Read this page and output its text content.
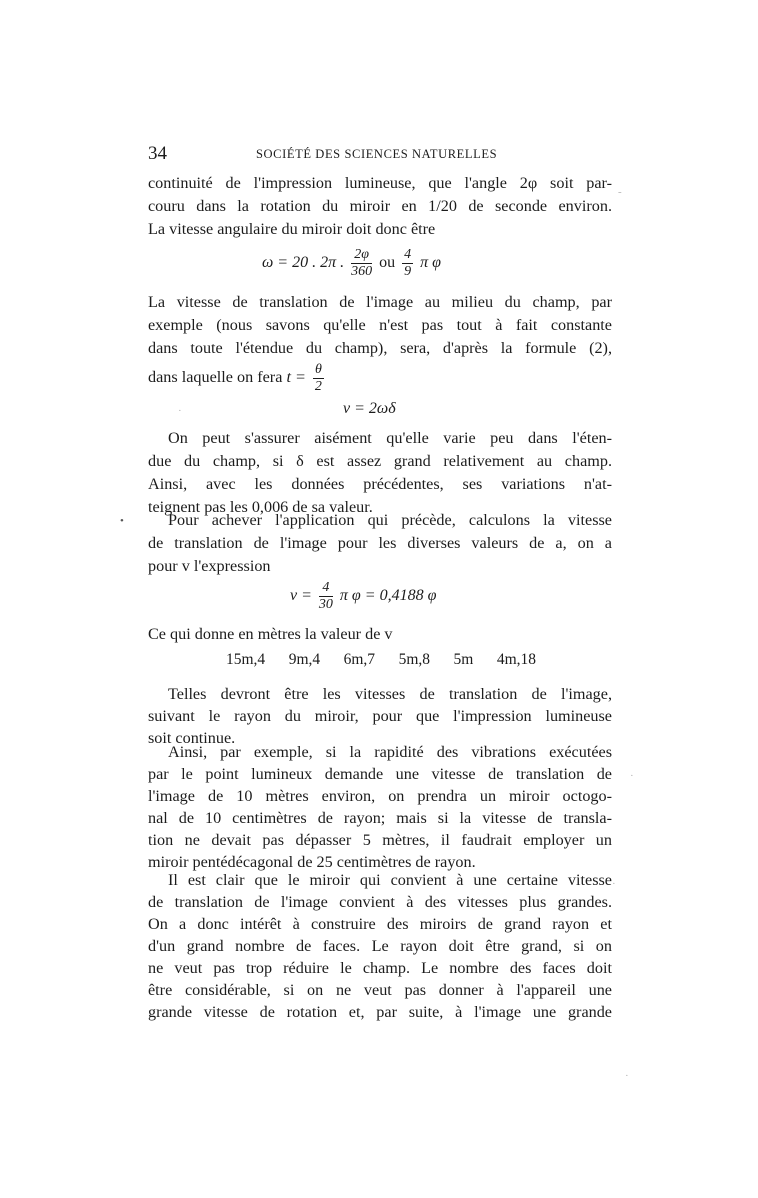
34	SOCIÉTÉ DES SCIENCES NATURELLES
continuité de l'impression lumineuse, que l'angle 2φ soit par-
couru dans la rotation du miroir en 1/20 de seconde environ.
La vitesse angulaire du miroir doit donc être
ω = 20 . 2π . $\frac{2\varphi}{360}$ ou $\frac{4}{9}$ π φ
La vitesse de translation de l'image au milieu du champ, par
exemple (nous savons qu'elle n'est pas tout à fait constante
dans toute l'étendue du champ), sera, d'après la formule (2),
dans laquelle on fera $t = \frac{\theta}{2}$
v = 2ωδ
On peut s'assurer aisément qu'elle varie peu dans l'éten-
due du champ, si δ est assez grand relativement au champ.
Ainsi, avec les données précédentes, ses variations n'at-
teignent pas les 0,006 de sa valeur.
Pour achever l'application qui précède, calculons la vitesse
de translation de l'image pour les diverses valeurs de a, on a
pour v l'expression
$v = \frac{4}{30}$ π φ = 0,4188 φ
Ce qui donne en mètres la valeur de v
15m,4 9m,4 6m,7 5m,8 5m 4m,18
Telles devront être les vitesses de translation de l'image,
suivant le rayon du miroir, pour que l'impression lumineuse
soit continue.
Ainsi, par exemple, si la rapidité des vibrations exécutées
par le point lumineux demande une vitesse de translation de
l'image de 10 mètres environ, on prendra un miroir octogo-
nal de 10 centimètres de rayon; mais si la vitesse de transla-
tion ne devait pas dépasser 5 mètres, il faudrait employer un
miroir pentédécagonal de 25 centimètres de rayon.
Il est clair que le miroir qui convient à une certaine vitesse
de translation de l'image convient à des vitesses plus grandes.
On a donc intérêt à construire des miroirs de grand rayon et
d'un grand nombre de faces. Le rayon doit être grand, si on
ne veut pas trop réduire le champ. Le nombre des faces doit
être considérable, si on ne veut pas donner à l'appareil une
grande vitesse de rotation et, par suite, à l'image une grande
•
-
·
·
·
·
